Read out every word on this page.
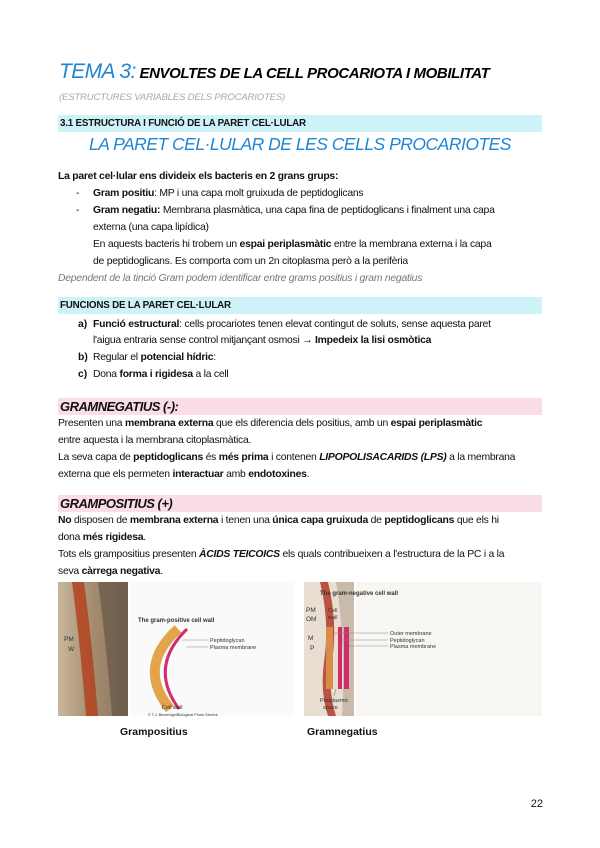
TEMA 3: ENVOLTES DE LA CELL PROCARIOTA I MOBILITAT
(ESTRUCTURES VARIABLES DELS PROCARIOTES)
3.1 ESTRUCTURA I FUNCIÓ DE LA PARET CEL·LULAR
LA PARET CEL·LULAR DE LES CELLS PROCARIOTES
La paret cel·lular ens divideix els bacteris en 2 grans grups:
- Gram positiu: MP i una capa molt gruixuda de peptidoglicans
- Gram negatiu: Membrana plasmàtica, una capa fina de peptidoglicans i finalment una capa
externa (una capa lipídica)
En aquests bacteris hi trobem un espai periplasmàtic entre la membrana externa i la capa
de peptidoglicans. Es comporta com un 2n citoplasma però a la perifèria
Dependent de la tinció Gram podem identificar entre grams positius i gram negatius
FUNCIONS DE LA PARET CEL·LULAR
a) Funció estructural: cells procariotes tenen elevat contingut de soluts, sense aquesta paret
l'aigua entraria sense control mitjançant osmosi → Impedeix la lisi osmòtica
b) Regular el potencial hídric:
c) Dona forma i rigidesa a la cell
GRAMNEGATIUS (-):
Presenten una membrana externa que els diferencia dels positius, amb un espai periplasmàtic
entre aquesta i la membrana citoplasmàtica.
La seva capa de peptidoglicans és més prima i contenen LIPOPOLISACARIDS (LPS) a la membrana
externa que els permeten interactuar amb endotoxines.
GRAMPOSITIUS (+)
No disposen de membrana externa i tenen una única capa gruixuda de peptidoglicans que els hi
dona més rigidesa.
Tots els grampositius presenten ÀCIDS TEICOICS els quals contribueixen a l'estructura de la PC i a la
seva càrrega negativa.
PM
W
The gram-positive cell wall
Peptidoglycan
Plasma membrane
Cell wall
© T.J. Beveridge/Biological Photo Service
PM
OM
M
P
The gram-negative cell wall
Cell
wall
Outer membrane
Peptidoglycan
Plasma membrane
Periplasmic
space
Grampositius	Gramnegatius
22
